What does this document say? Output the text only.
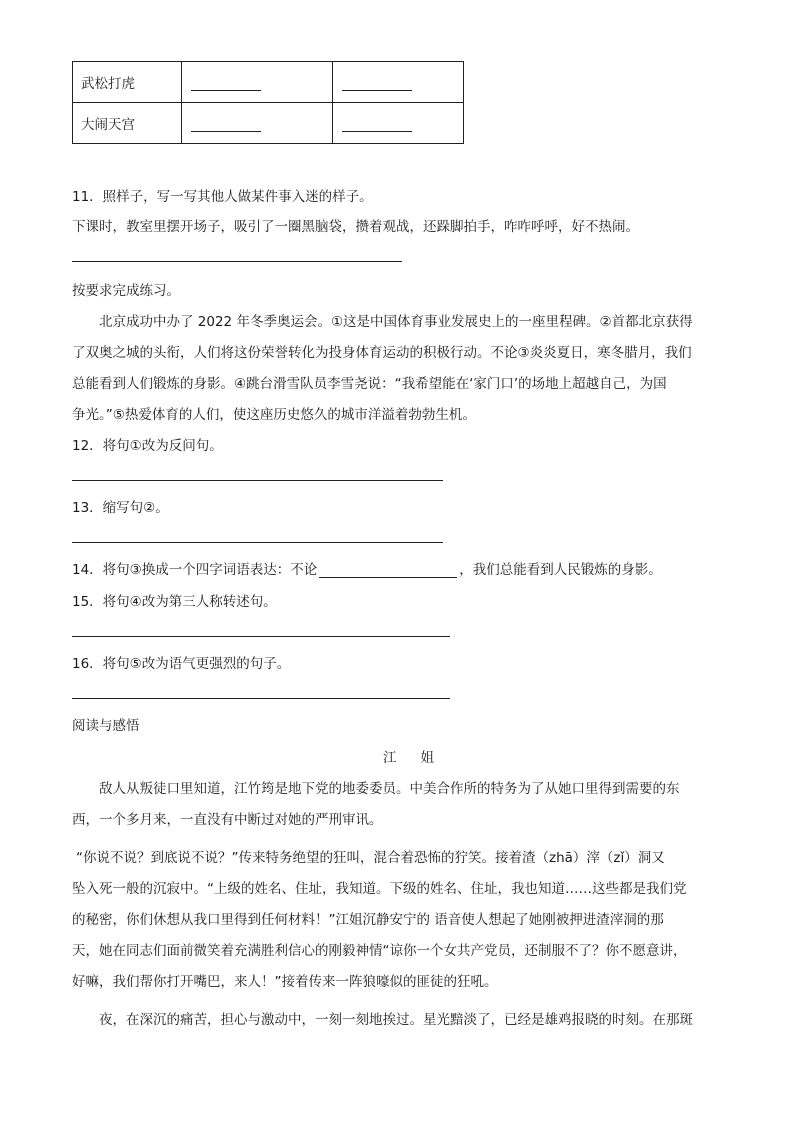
武松打虎		
大闹天宫		
11．照样子，写一写其他人做某件事入迷的样子。
下课时，教室里摆开场子，吸引了一圈黑脑袋，攒着观战，还跺脚拍手，咋咋呼呼，好不热闹。
按要求完成练习。
北京成功中办了 2022 年冬季奥运会。①这是中国体育事业发展史上的一座里程碑。②首都北京获得
了双奥之城的头衔，人们将这份荣誉转化为投身体育运动的积极行动。不论③炎炎夏日，寒冬腊月，我们
总能看到人们锻炼的身影。④跳台滑雪队员李雪尧说：“我希望能在‘家门口’的场地上超越自己，为国
争光。”⑤热爱体育的人们，使这座历史悠久的城市洋溢着勃勃生机。
12．将句①改为反问句。
13．缩写句②。
14．将句③换成一个四字词语表达：不论	，我们总能看到人民锻炼的身影。
15．将句④改为第三人称转述句。
16．将句⑤改为语气更强烈的句子。
阅读与感悟
江 姐
敌人从叛徒口里知道，江竹筠是地下党的地委委员。中美合作所的特务为了从她口里得到需要的东
西，一个多月来，一直没有中断过对她的严刑审讯。
“你说不说？到底说不说？”传来特务绝望的狂叫，混合着恐怖的狞笑。接着渣（zhā）滓（zǐ）洞又
坠入死一般的沉寂中。“上级的姓名、住址，我知道。下级的姓名、住址，我也知道……这些都是我们党
的秘密，你们休想从我口里得到任何材料！”江姐沉静安宁的 语音使人想起了她刚被押进渣滓洞的那
天，她在同志们面前微笑着充满胜利信心的刚毅神情“谅你一个女共产党员，还制服不了？你不愿意讲，
好嘛，我们帮你打开嘴巴，来人！”接着传来一阵狼嚎似的匪徒的狂吼。
夜，在深沉的痛苦，担心与激动中，一刻一刻地挨过。星光黯淡了，已经是雄鸡报晓的时刻。在那斑
